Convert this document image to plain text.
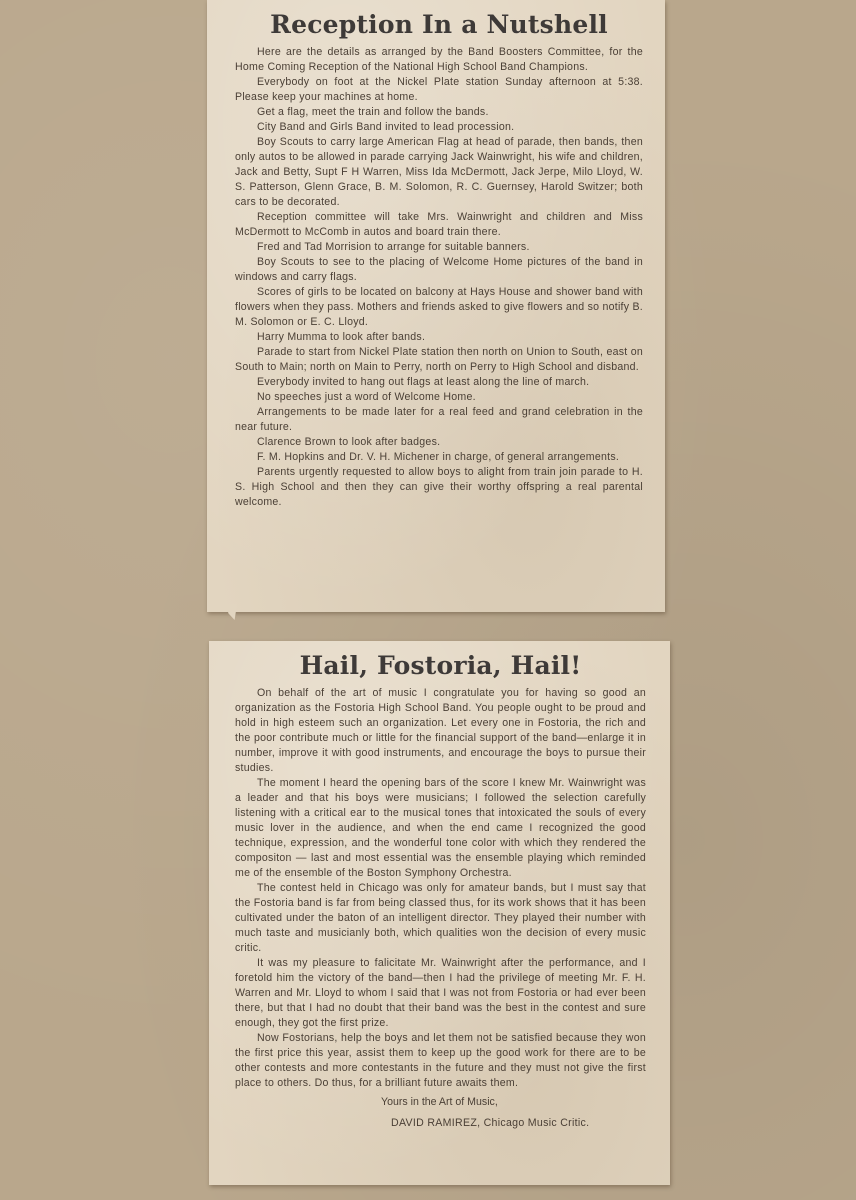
Reception In a Nutshell

Here are the details as arranged by the Band Boosters Committee, for the Home Coming Reception of the National High School Band Champions.

Everybody on foot at the Nickel Plate station Sunday afternoon at 5:38. Please keep your machines at home.

Get a flag, meet the train and follow the bands.

City Band and Girls Band invited to lead procession.

Boy Scouts to carry large American Flag at head of parade, then bands, then only autos to be allowed in parade carrying Jack Wainwright, his wife and children, Jack and Betty, Supt F H Warren, Miss Ida McDermott, Jack Jerpe, Milo Lloyd, W. S. Patterson, Glenn Grace, B. M. Solomon, R. C. Guernsey, Harold Switzer; both cars to be decorated.

Reception committee will take Mrs. Wainwright and children and Miss McDermott to McComb in autos and board train there.

Fred and Tad Morrision to arrange for suitable banners.

Boy Scouts to see to the placing of Welcome Home pictures of the band in windows and carry flags.

Scores of girls to be located on balcony at Hays House and shower band with flowers when they pass. Mothers and friends asked to give flowers and so notify B. M. Solomon or E. C. Lloyd.

Harry Mumma to look after bands.

Parade to start from Nickel Plate station then north on Union to South, east on South to Main; north on Main to Perry, north on Perry to High School and disband.

Everybody invited to hang out flags at least along the line of march.

No speeches just a word of Welcome Home.

Arrangements to be made later for a real feed and grand celebration in the near future.

Clarence Brown to look after badges.

F. M. Hopkins and Dr. V. H. Michener in charge, of general arrangements.

Parents urgently requested to allow boys to alight from train join parade to H. S. High School and then they can give their worthy offspring a real parental welcome.

Hail, Fostoria, Hail!

On behalf of the art of music I congratulate you for having so good an organization as the Fostoria High School Band. You people ought to be proud and hold in high esteem such an organization. Let every one in Fostoria, the rich and the poor contribute much or little for the financial support of the band—enlarge it in number, improve it with good instruments, and encourage the boys to pursue their studies.

The moment I heard the opening bars of the score I knew Mr. Wainwright was a leader and that his boys were musicians; I followed the selection carefully listening with a critical ear to the musical tones that intoxicated the souls of every music lover in the audience, and when the end came I recognized the good technique, expression, and the wonderful tone color with which they rendered the compositon — last and most essential was the ensemble playing which reminded me of the ensemble of the Boston Symphony Orchestra.

The contest held in Chicago was only for amateur bands, but I must say that the Fostoria band is far from being classed thus, for its work shows that it has been cultivated under the baton of an intelligent director. They played their number with much taste and musicianly both, which qualities won the decision of every music critic.

It was my pleasure to falicitate Mr. Wainwright after the performance, and I foretold him the victory of the band—then I had the privilege of meeting Mr. F. H. Warren and Mr. Lloyd to whom I said that I was not from Fostoria or had ever been there, but that I had no doubt that their band was the best in the contest and sure enough, they got the first prize.

Now Fostorians, help the boys and let them not be satisfied because they won the first price this year, assist them to keep up the good work for there are to be other contests and more contestants in the future and they must not give the first place to others. Do thus, for a brilliant future awaits them.

Yours in the Art of Music,

DAVID RAMIREZ, Chicago Music Critic.
